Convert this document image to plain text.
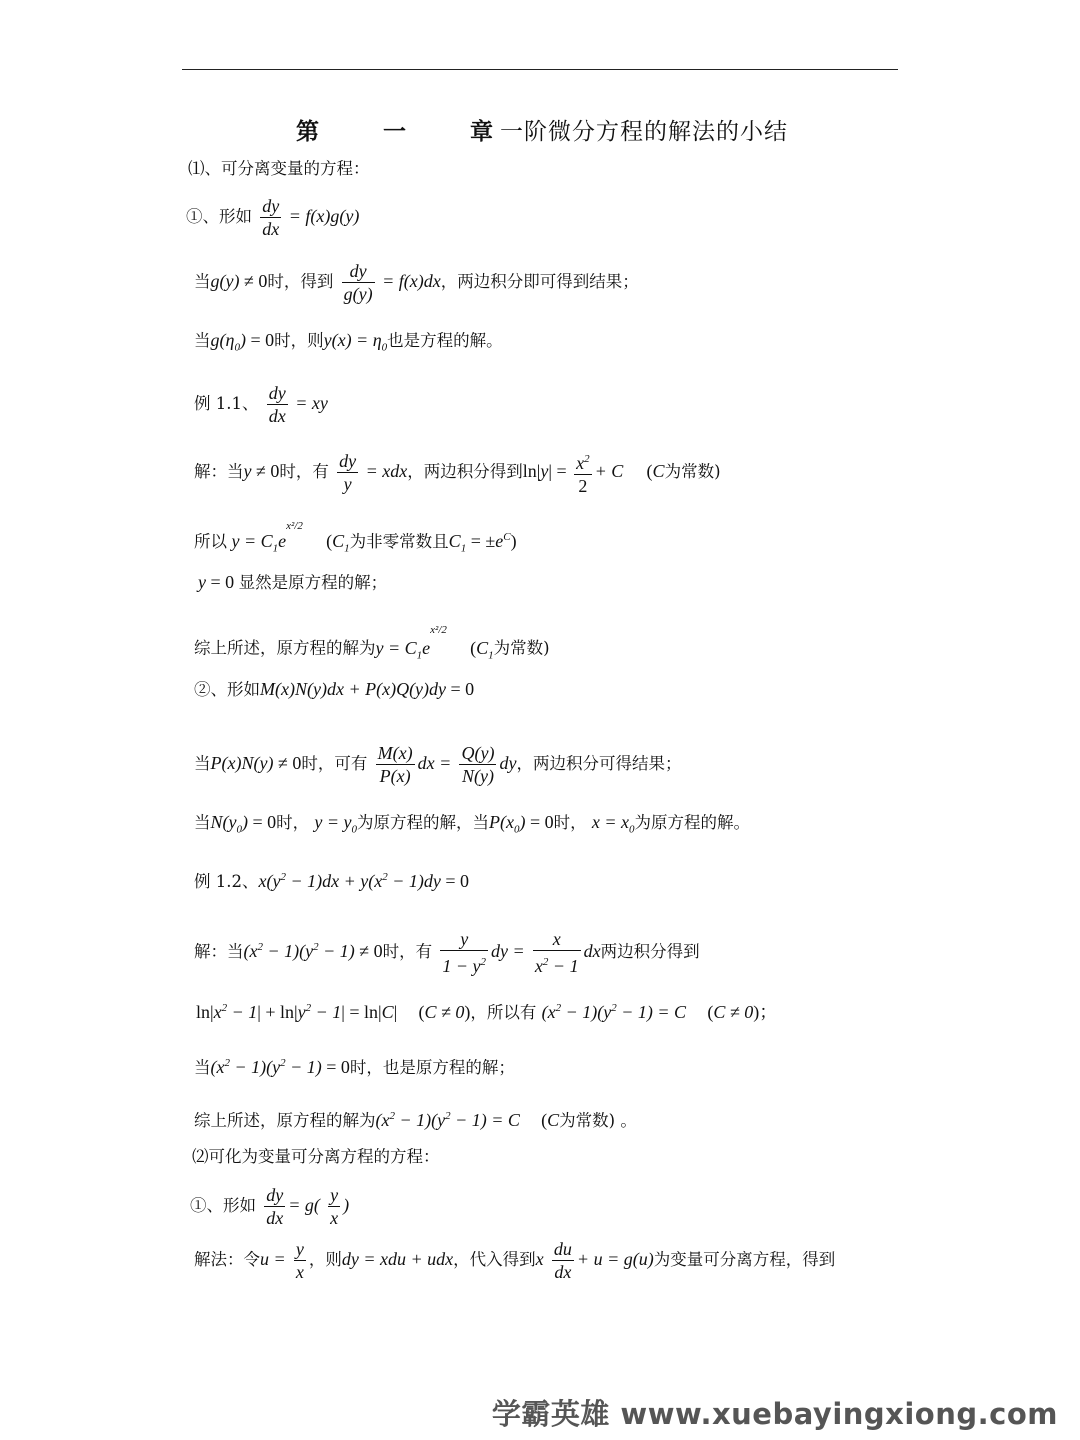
第 一 章
一阶微分方程的解法的小结
⑴、可分离变量的方程：
①、形如 $\frac{dy}{dx} = f(x)g(y)$
当g(y) ≠ 0时，得到 $\frac{dy}{g(y)} = f(x)dx$，两边积分即可得到结果；
当$g(\eta_0) = 0$时，则$y(x) = \eta_0$也是方程的解。
例 1.1、 $\frac{dy}{dx}$ = xy
解：当y ≠ 0时，有 $\frac{dy}{y}$ = xdx，两边积分得到$\ln|y| = \frac{x^2}{2} + C$ (C为常数)
所以 $y = C_1e^{x^2/2}$ ($C_1$为非零常数且$C_1 = \pm e^C$)
y = 0 显然是原方程的解；
综上所述，原方程的解为$y = C_1e^{x^2/2}$ ($C_1$为常数)
②、形如M(x)N(y)dx + P(x)Q(y)dy = 0
当P(x)N(y) ≠ 0时，可有 $\frac{M(x)}{P(x)}$ dx = $\frac{Q(y)}{N(y)}$ dy，两边积分可得结果；
当$N(y_0) = 0$时， $y = y_0$为原方程的解，当$P(x_0) = 0$时， $x = x_0$为原方程的解。
例 1.2、$x(y^2 - 1)dx + y(x^2 - 1)dy = 0$
解：当$(x^2 - 1)(y^2 - 1) \ne 0$时，有 $\frac{y}{1 - y^2}$ dy = $\frac{x}{x^2 - 1}$ dx两边积分得到
$\ln|x^2 - 1| + \ln|y^2 - 1| = \ln|C|$ (C ≠ 0)，所以有 $(x^2 - 1)(y^2 - 1) = C$ (C ≠ 0)；
当$(x^2 - 1)(y^2 - 1) = 0$时，也是原方程的解；
综上所述，原方程的解为$(x^2 - 1)(y^2 - 1) = C$ (C为常数) 。
⑵可化为变量可分离方程的方程：
①、形如 $\frac{dy}{dx} = g( \frac{y}{x}$ )
解法：令$u = \frac{y}{x}$ ，则dy = xdu + udx，代入得到x $\frac{du}{dx} + u = g(u)$为变量可分离方程，得到
学霸英雄 www.xuebayingxiong.com
